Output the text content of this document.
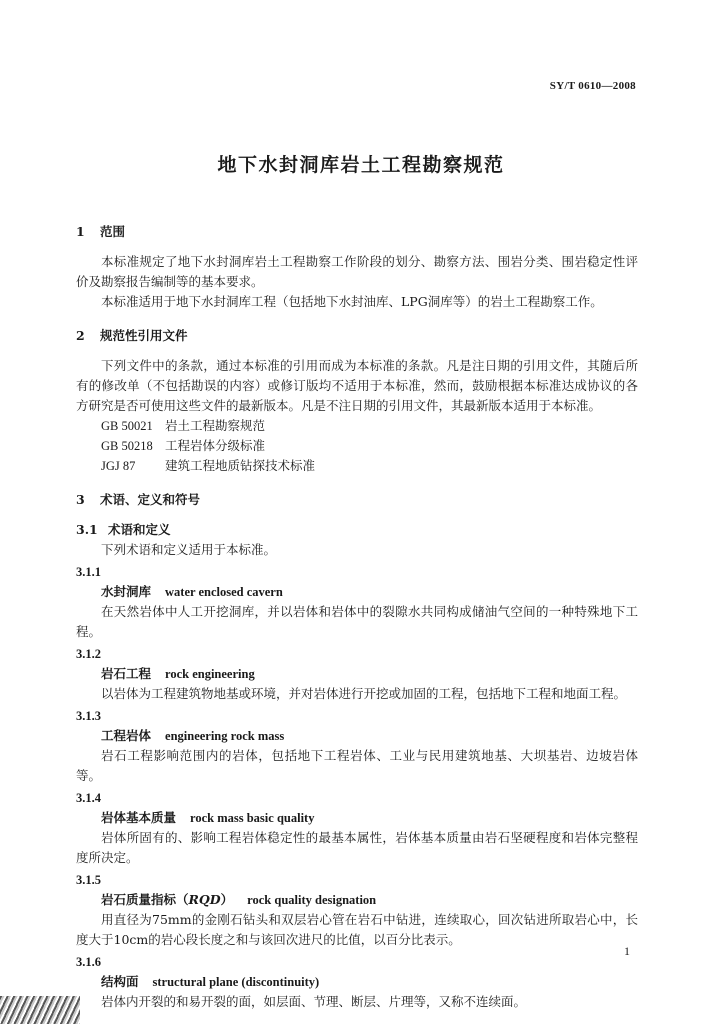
SY/T 0610—2008
地下水封洞库岩土工程勘察规范
1 范围
本标准规定了地下水封洞库岩土工程勘察工作阶段的划分、勘察方法、围岩分类、围岩稳定性评价及勘察报告编制等的基本要求。
本标准适用于地下水封洞库工程（包括地下水封油库、LPG洞库等）的岩土工程勘察工作。
2 规范性引用文件
下列文件中的条款，通过本标准的引用而成为本标准的条款。凡是注日期的引用文件，其随后所有的修改单（不包括勘误的内容）或修订版均不适用于本标准，然而，鼓励根据本标准达成协议的各方研究是否可使用这些文件的最新版本。凡是不注日期的引用文件，其最新版本适用于本标准。
GB 50021 岩土工程勘察规范
GB 50218 工程岩体分级标准
JGJ 87 建筑工程地质钻探技术标准
3 术语、定义和符号
3.1 术语和定义
下列术语和定义适用于本标准。
3.1.1
水封洞库 water enclosed cavern
在天然岩体中人工开挖洞库，并以岩体和岩体中的裂隙水共同构成储油气空间的一种特殊地下工程。
3.1.2
岩石工程 rock engineering
以岩体为工程建筑物地基或环境，并对岩体进行开挖或加固的工程，包括地下工程和地面工程。
3.1.3
工程岩体 engineering rock mass
岩石工程影响范围内的岩体，包括地下工程岩体、工业与民用建筑地基、大坝基岩、边坡岩体等。
3.1.4
岩体基本质量 rock mass basic quality
岩体所固有的、影响工程岩体稳定性的最基本属性，岩体基本质量由岩石坚硬程度和岩体完整程度所决定。
3.1.5
岩石质量指标（RQD） rock quality designation
用直径为75mm的金刚石钻头和双层岩心管在岩石中钻进，连续取心，回次钻进所取岩心中，长度大于10cm的岩心段长度之和与该回次进尺的比值，以百分比表示。
3.1.6
结构面 structural plane (discontinuity)
岩体内开裂的和易开裂的面，如层面、节理、断层、片理等，又称不连续面。
1
